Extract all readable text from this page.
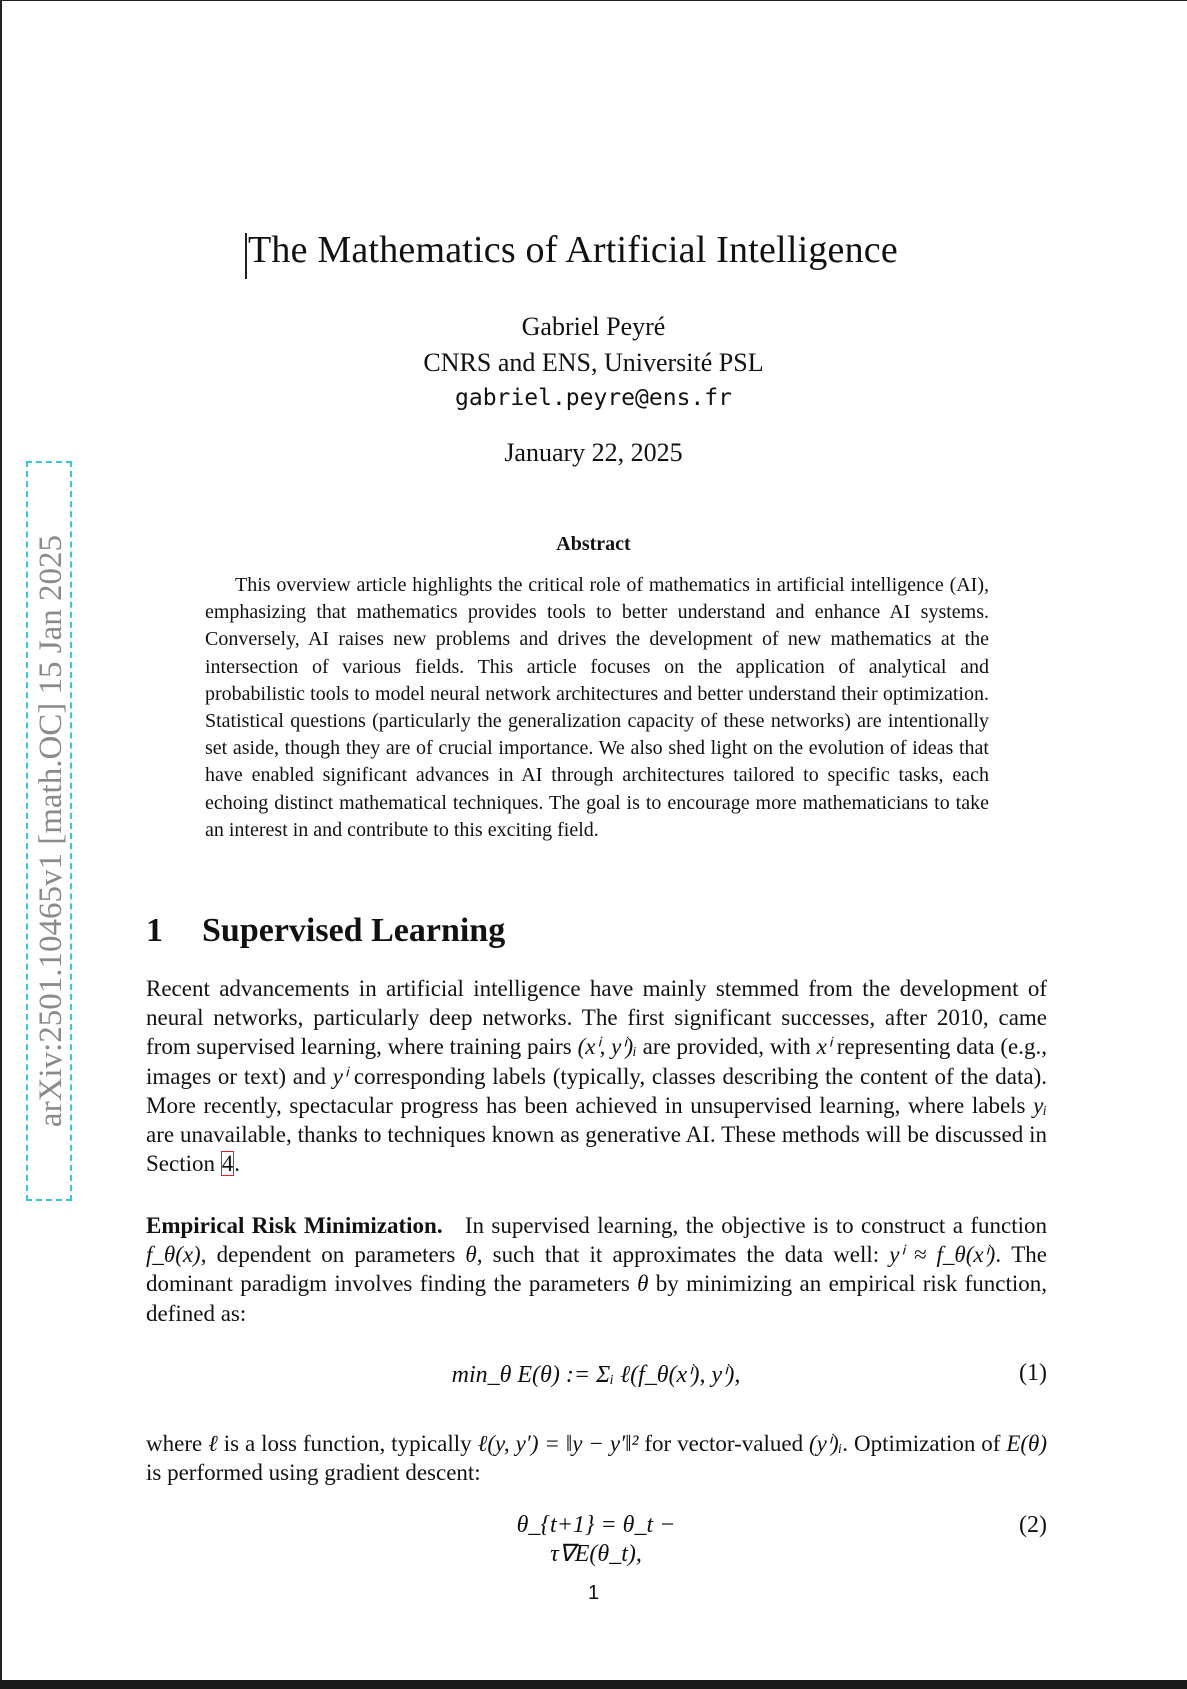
The Mathematics of Artificial Intelligence
Gabriel Peyré
CNRS and ENS, Université PSL
gabriel.peyre@ens.fr
January 22, 2025
arXiv:2501.10465v1 [math.OC] 15 Jan 2025	Abstract
This overview article highlights the critical role of mathematics in artificial intelligence (AI), emphasizing that mathematics provides tools to better understand and enhance AI systems. Conversely, AI raises new problems and drives the development of new mathematics at the intersection of various fields. This article focuses on the application of analytical and probabilistic tools to model neural network architectures and better understand their optimization. Statistical questions (particularly the generalization capacity of these networks) are intentionally set aside, though they are of crucial importance. We also shed light on the evolution of ideas that have enabled significant advances in AI through architectures tailored to specific tasks, each echoing distinct mathematical techniques. The goal is to encourage more mathematicians to take an interest in and contribute to this exciting field.
1 Supervised Learning
Recent advancements in artificial intelligence have mainly stemmed from the development of neural networks, particularly deep networks. The first significant successes, after 2010, came from supervised learning, where training pairs (xⁱ, yⁱ)ᵢ are provided, with xⁱ representing data (e.g., images or text) and yⁱ corresponding labels (typically, classes describing the content of the data). More recently, spectacular progress has been achieved in unsupervised learning, where labels yᵢ are unavailable, thanks to techniques known as generative AI. These methods will be discussed in Section 4.
Empirical Risk Minimization. In supervised learning, the objective is to construct a function f_θ(x), dependent on parameters θ, such that it approximates the data well: yⁱ ≈ f_θ(xⁱ). The dominant paradigm involves finding the parameters θ by minimizing an empirical risk function, defined as:
min_θ E(θ) := Σᵢ ℓ(f_θ(xⁱ), yⁱ),	(1)
where ℓ is a loss function, typically ℓ(y, y′) = ‖y − y′‖² for vector-valued (yⁱ)ᵢ. Optimization of E(θ) is performed using gradient descent:
θ_{t+1} = θ_t − τ∇E(θ_t),
(2)
1
